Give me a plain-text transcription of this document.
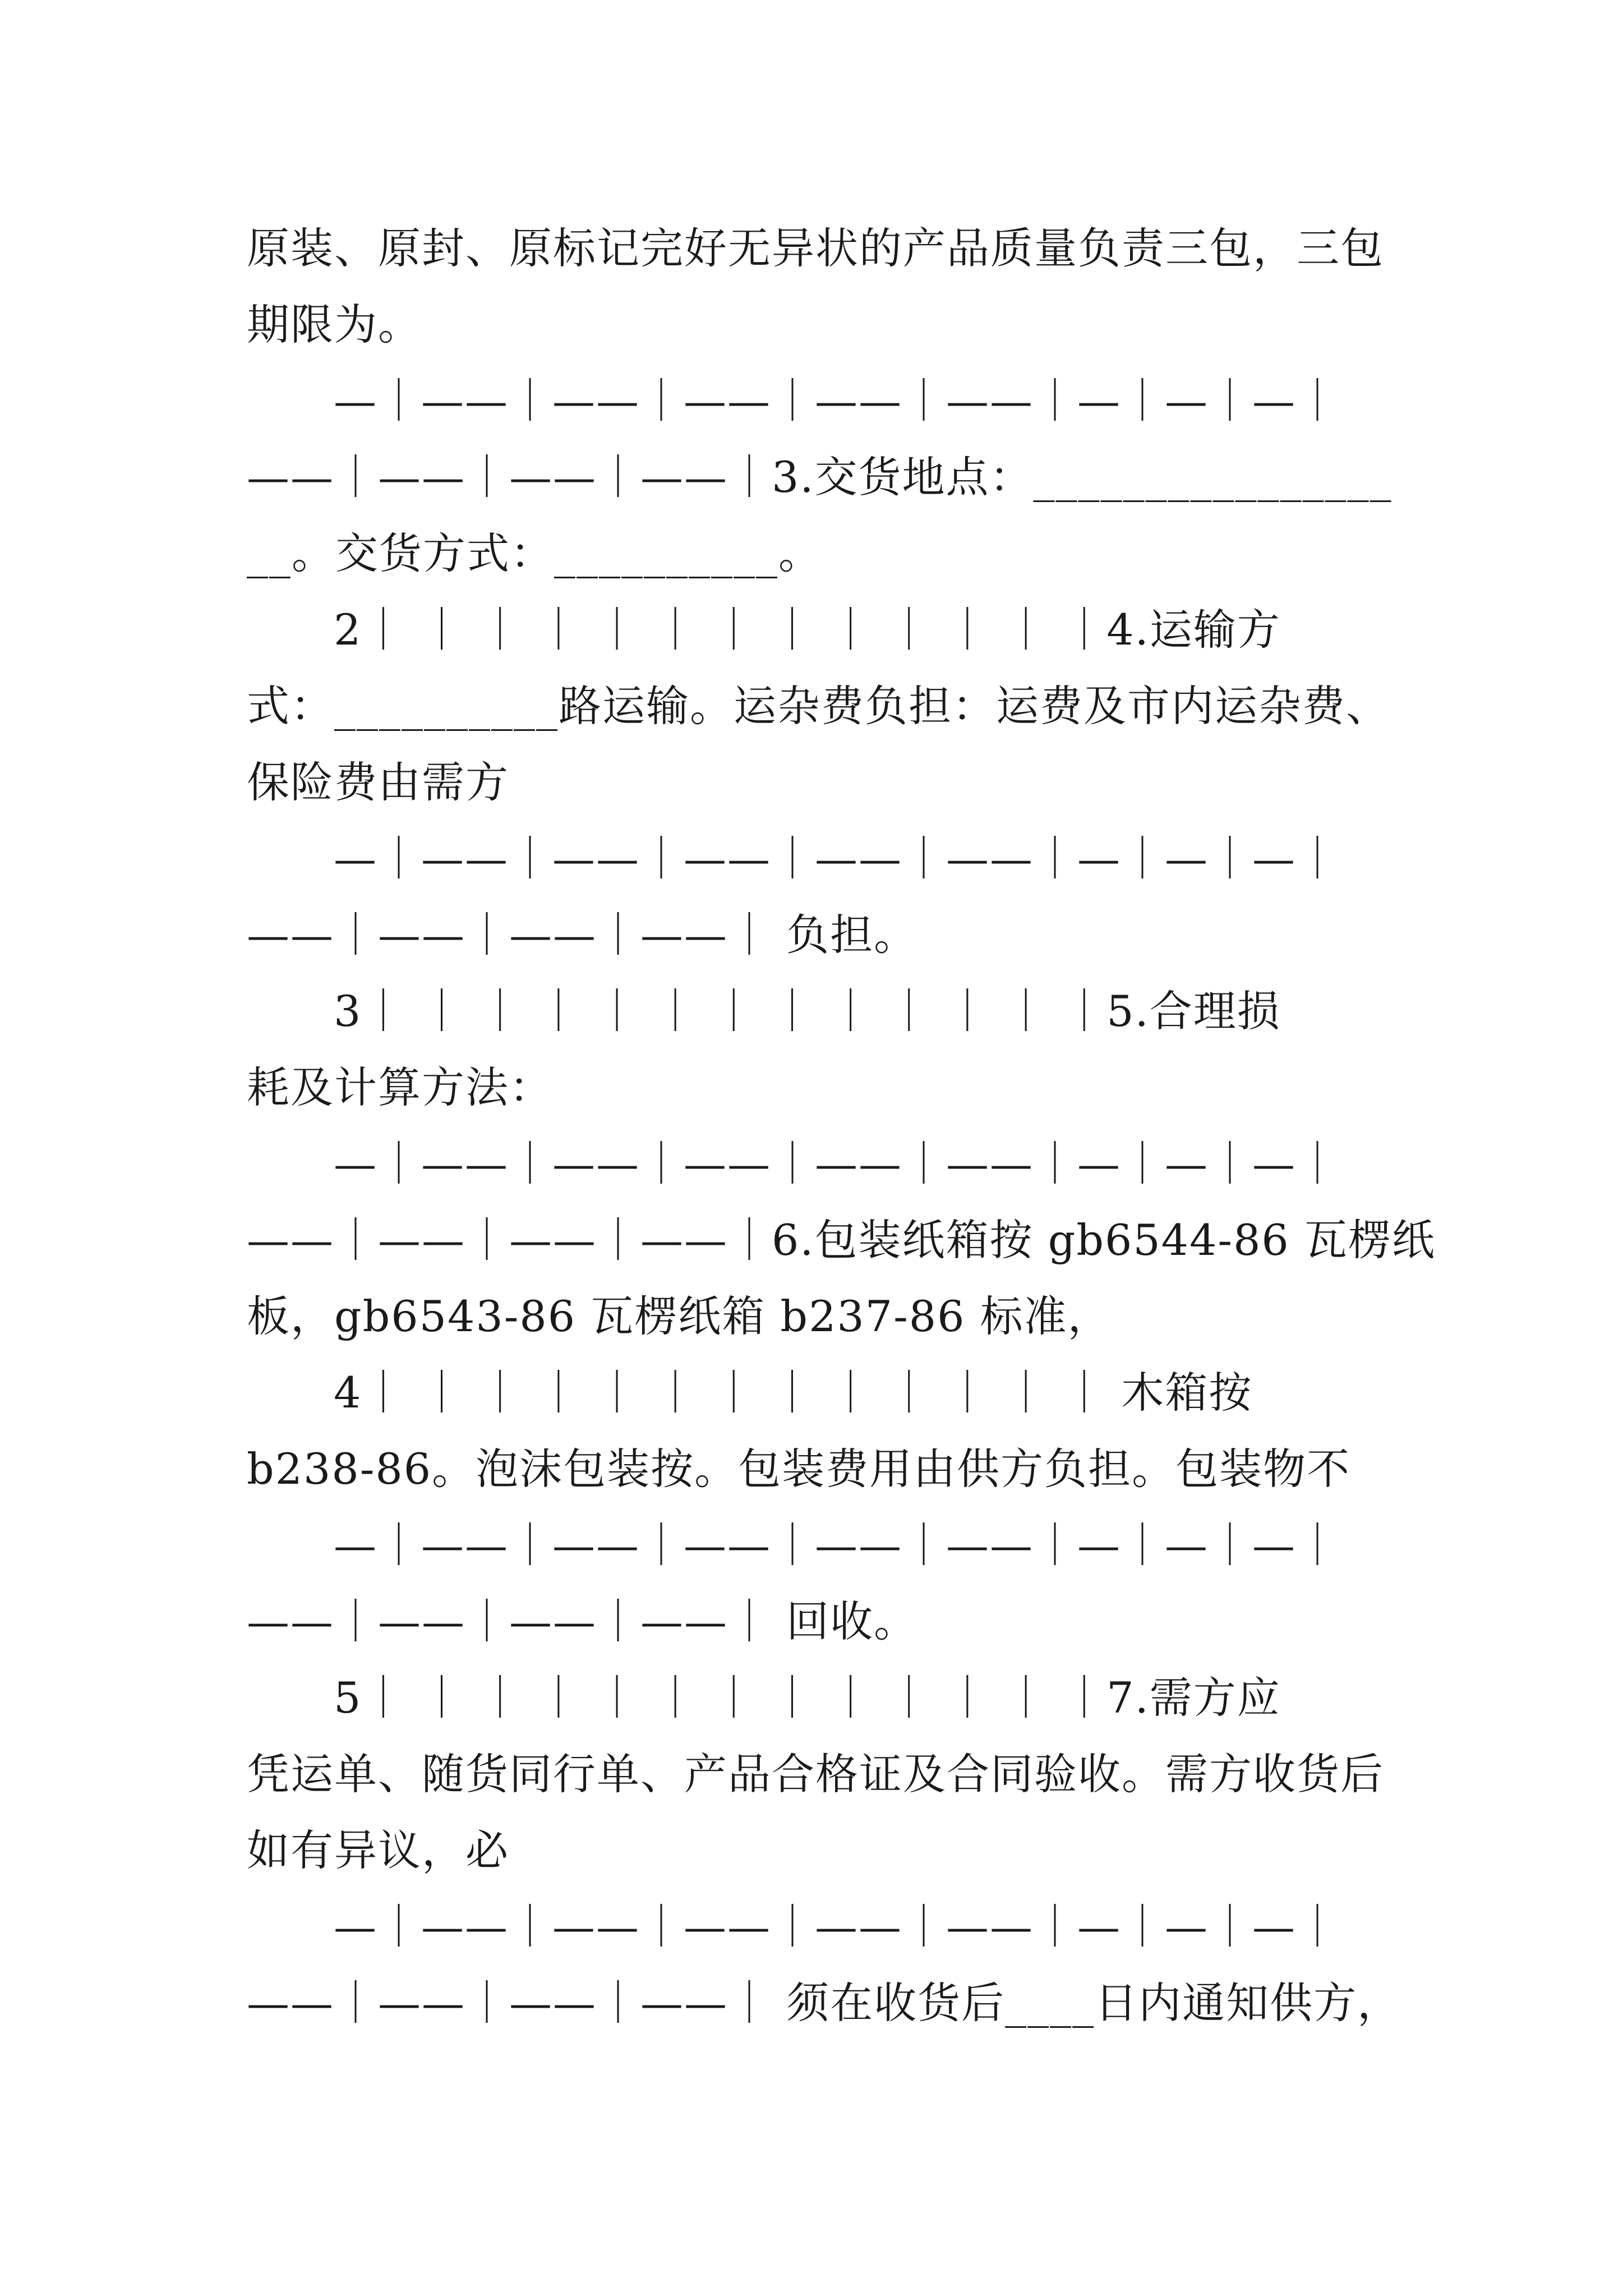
原装、原封、原标记完好无异状的产品质量负责三包，三包
期限为。
—｜——｜——｜——｜——｜——｜—｜—｜—｜
——｜——｜——｜——｜3.交货地点：________________
__。交货方式：__________。
2｜ ｜ ｜ ｜ ｜ ｜ ｜ ｜ ｜ ｜ ｜ ｜ ｜4.运输方
式：__________路运输。运杂费负担：运费及市内运杂费、
保险费由需方
—｜——｜——｜——｜——｜——｜—｜—｜—｜
——｜——｜——｜——｜ 负担。
3｜ ｜ ｜ ｜ ｜ ｜ ｜ ｜ ｜ ｜ ｜ ｜ ｜5.合理损
耗及计算方法：
—｜——｜——｜——｜——｜——｜—｜—｜—｜
——｜——｜——｜——｜6.包装纸箱按 gb6544-86 瓦楞纸
板，gb6543-86 瓦楞纸箱 b237-86 标准，
4｜ ｜ ｜ ｜ ｜ ｜ ｜ ｜ ｜ ｜ ｜ ｜ ｜ 木箱按
b238-86。泡沫包装按。包装费用由供方负担。包装物不
—｜——｜——｜——｜——｜——｜—｜—｜—｜
——｜——｜——｜——｜ 回收。
5｜ ｜ ｜ ｜ ｜ ｜ ｜ ｜ ｜ ｜ ｜ ｜ ｜7.需方应
凭运单、随货同行单、产品合格证及合同验收。需方收货后
如有异议，必
—｜——｜——｜——｜——｜——｜—｜—｜—｜
——｜——｜——｜——｜ 须在收货后____日内通知供方，
